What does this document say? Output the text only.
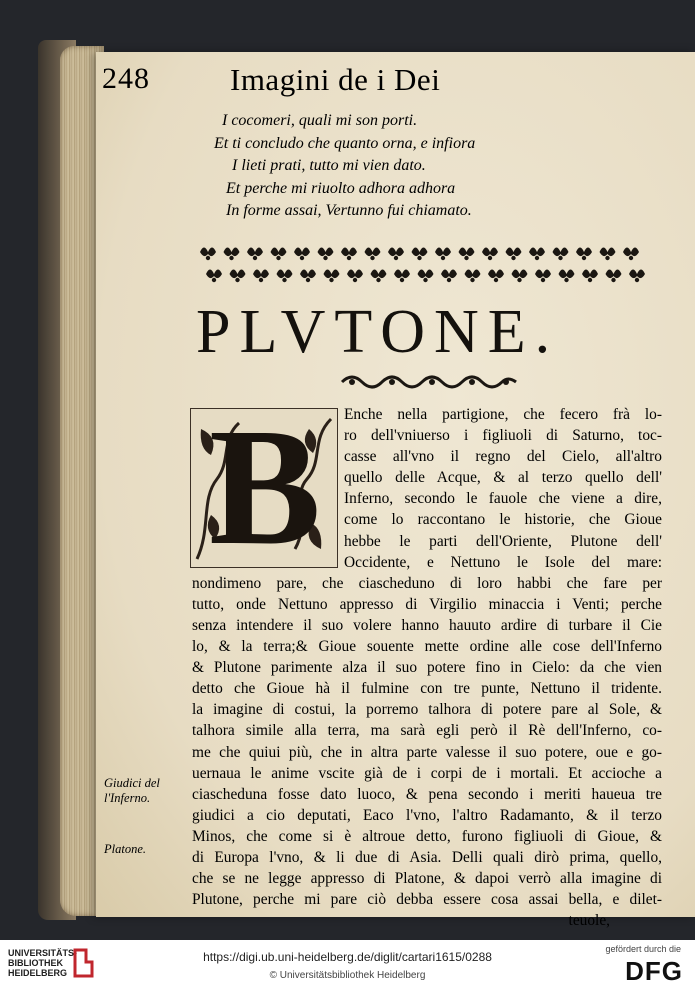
248	Imagini de i Dei
I cocomeri, quali mi son porti.
Et ti concludo che quanto orna, e infiora
I lieti prati, tutto mi vien dato.
Et perche mi riuolto adhora adhora
In forme assai, Vertunno fui chiamato.
PLVTONE.
B	Enche nella partigione, che fecero frà lo-
ro dell'vniuerso i figliuoli di Saturno, toc-
casse all'vno il regno del Cielo, all'altro
quello delle Acque, & al terzo quello dell'
Inferno, secondo le fauole che viene a dire,
come lo raccontano le historie, che Gioue
hebbe le parti dell'Oriente, Plutone dell'
Occidente, e Nettuno le Isole del mare:
nondimeno pare, che ciascheduno di loro habbi che fare per
tutto, onde Nettuno appresso di Virgilio minaccia i Venti; perche
senza intendere il suo volere hanno hauuto ardire di turbare il Cie
lo, & la terra;& Gioue souente mette ordine alle cose dell'Inferno
& Plutone parimente alza il suo potere fino in Cielo: da che vien
detto che Gioue hà il fulmine con tre punte, Nettuno il tridente.
la imagine di costui, la porremo talhora di potere pare al Sole, &
talhora simile alla terra, ma sarà egli però il Rè dell'Inferno, co-
me che quiui più, che in altra parte valesse il suo potere, oue e go-
uernaua le anime vscite già de i corpi de i mortali. Et accioche a
ciascheduna fosse dato luoco, & pena secondo i meriti haueua tre
giudici a cio deputati, Eaco l'vno, l'altro Radamanto, & il terzo
Minos, che come si è altroue detto, furono figliuoli di Gioue, &
di Europa l'vno, & li due di Asia. Delli quali dirò prima, quello,
che se ne legge appresso di Platone, & dapoi verrò alla imagine di
Plutone, perche mi pare ciò debba essere cosa assai bella, e dilet-
teuole,
Giudici del
l'Inferno.
Platone.
UNIVERSITÄTS-
BIBLIOTHEK
HEIDELBERG
https://digi.ub.uni-heidelberg.de/diglit/cartari1615/0288
© Universitätsbibliothek Heidelberg
gefördert durch die
DFG
